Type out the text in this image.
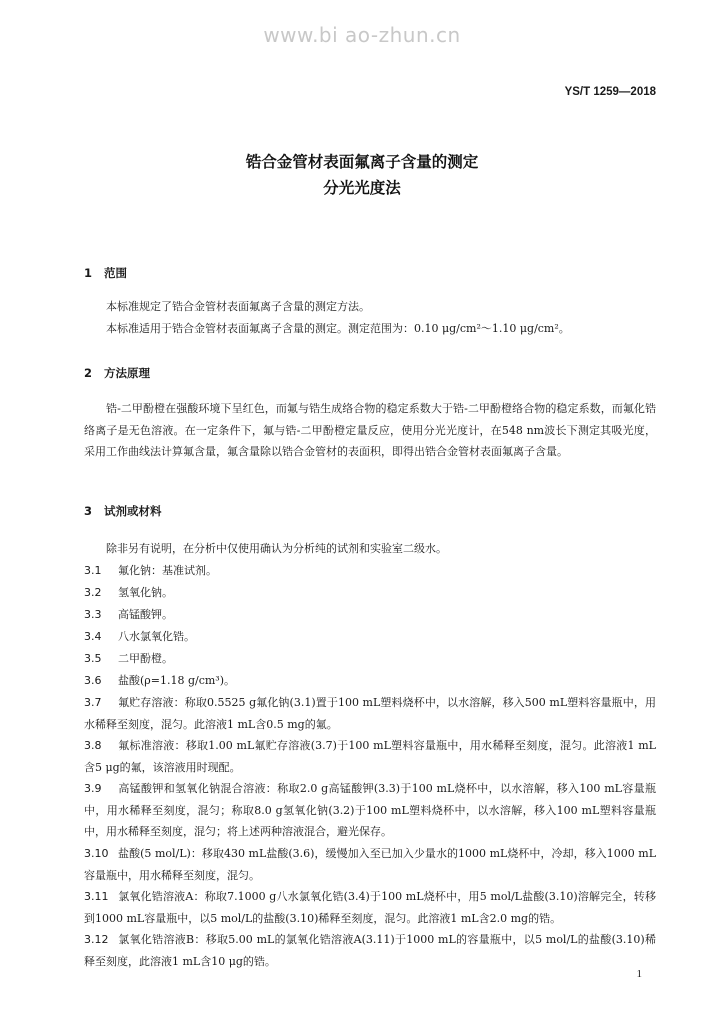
www.bi ao-zhun.cn
YS/T 1259—2018
锆合金管材表面氟离子含量的测定
分光光度法
1 范围

本标准规定了锆合金管材表面氟离子含量的测定方法。

本标准适用于锆合金管材表面氟离子含量的测定。测定范围为：0.10 μg/cm²～1.10 μg/cm²。

2 方法原理

锆-二甲酚橙在强酸环境下呈红色，而氟与锆生成络合物的稳定系数大于锆-二甲酚橙络合物的稳定系数，而氟化锆络离子是无色溶液。在一定条件下，氟与锆-二甲酚橙定量反应，使用分光光度计，在548 nm波长下测定其吸光度，采用工作曲线法计算氟含量，氟含量除以锆合金管材的表面积，即得出锆合金管材表面氟离子含量。

3 试剂或材料

除非另有说明，在分析中仅使用确认为分析纯的试剂和实验室二级水。

3.1 氟化钠：基准试剂。

3.2 氢氧化钠。

3.3 高锰酸钾。

3.4 八水氯氧化锆。

3.5 二甲酚橙。

3.6 盐酸(ρ=1.18 g/cm³)。

3.7 氟贮存溶液：称取0.5525 g氟化钠(3.1)置于100 mL塑料烧杯中，以水溶解，移入500 mL塑料容量瓶中，用水稀释至刻度，混匀。此溶液1 mL含0.5 mg的氟。

3.8 氟标准溶液：移取1.00 mL氟贮存溶液(3.7)于100 mL塑料容量瓶中，用水稀释至刻度，混匀。此溶液1 mL含5 μg的氟，该溶液用时现配。

3.9 高锰酸钾和氢氧化钠混合溶液：称取2.0 g高锰酸钾(3.3)于100 mL烧杯中，以水溶解，移入100 mL容量瓶中，用水稀释至刻度，混匀；称取8.0 g氢氧化钠(3.2)于100 mL塑料烧杯中，以水溶解，移入100 mL塑料容量瓶中，用水稀释至刻度，混匀；将上述两种溶液混合，避光保存。

3.10 盐酸(5 mol/L)：移取430 mL盐酸(3.6)，缓慢加入至已加入少量水的1000 mL烧杯中，冷却，移入1000 mL容量瓶中，用水稀释至刻度，混匀。

3.11 氯氧化锆溶液A：称取7.1000 g八水氯氧化锆(3.4)于100 mL烧杯中，用5 mol/L盐酸(3.10)溶解完全，转移到1000 mL容量瓶中，以5 mol/L的盐酸(3.10)稀释至刻度，混匀。此溶液1 mL含2.0 mg的锆。

3.12 氯氧化锆溶液B：移取5.00 mL的氯氧化锆溶液A(3.11)于1000 mL的容量瓶中，以5 mol/L的盐酸(3.10)稀释至刻度，此溶液1 mL含10 μg的锆。

1
